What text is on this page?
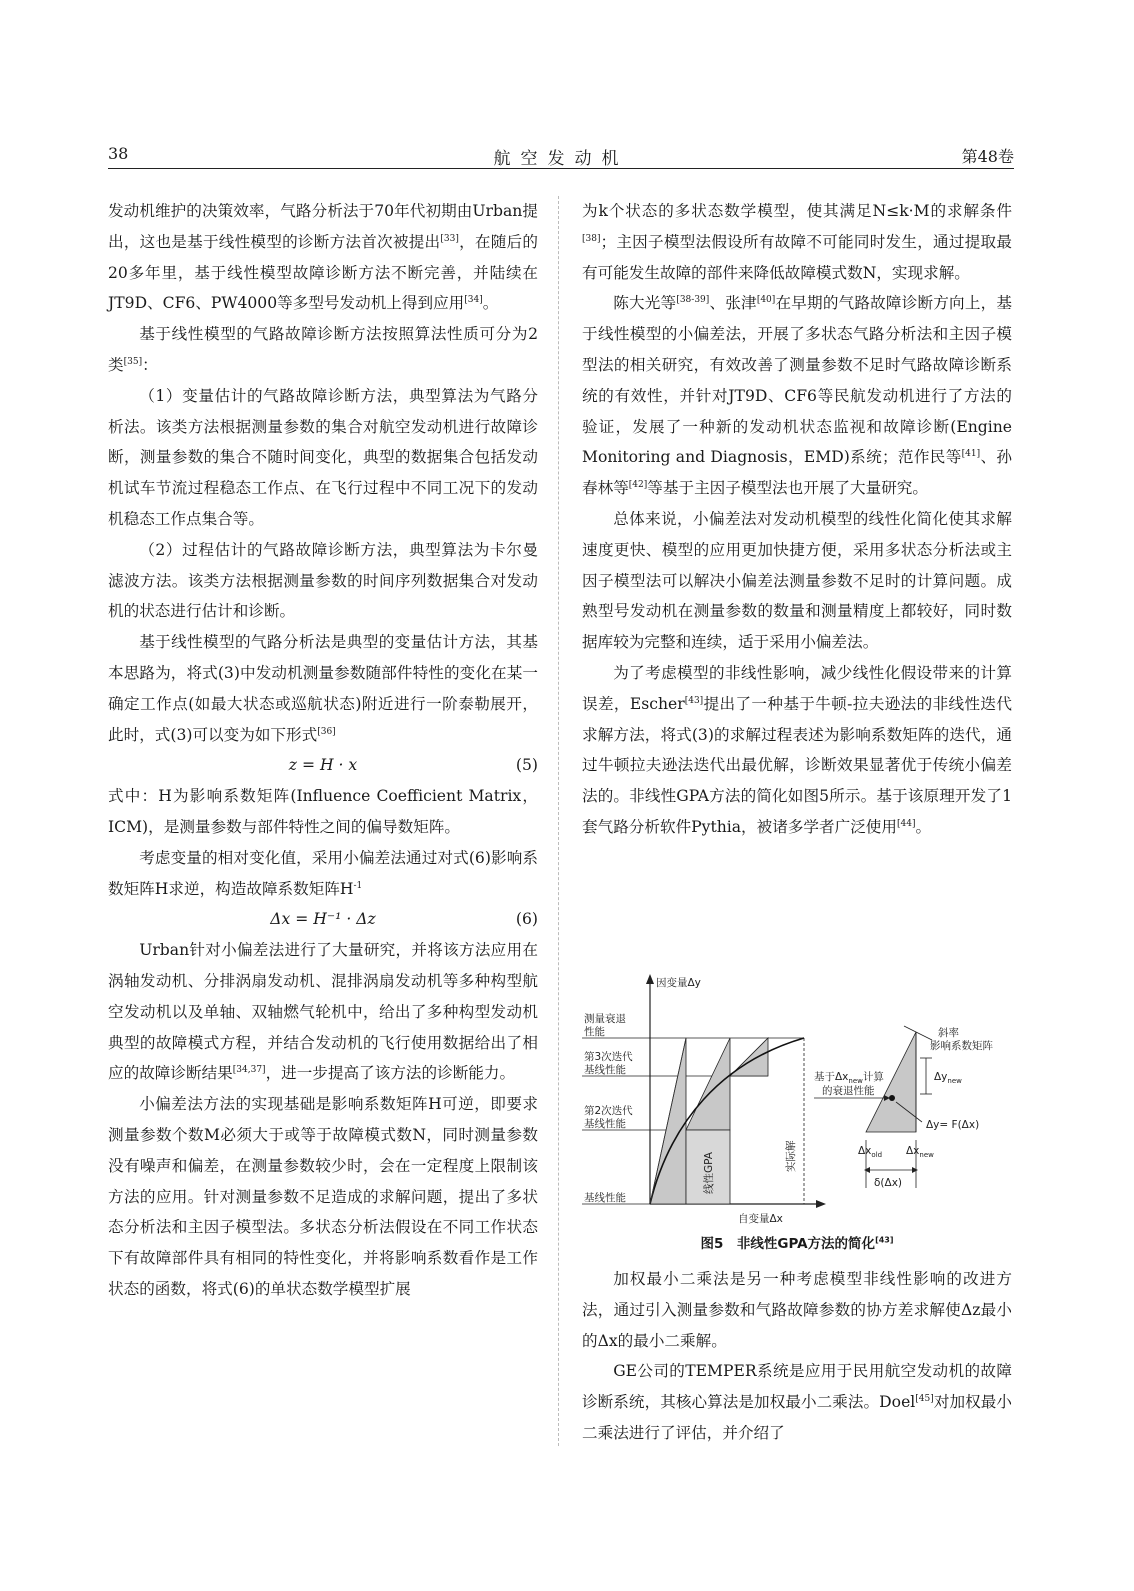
38	航空发动机	第48卷

发动机维护的决策效率，气路分析法于70年代初期由Urban提出，这也是基于线性模型的诊断方法首次被提出[33]，在随后的20多年里，基于线性模型故障诊断方法不断完善，并陆续在JT9D、CF6、PW4000等多型号发动机上得到应用[34]。

基于线性模型的气路故障诊断方法按照算法性质可分为2类[35]：

（1）变量估计的气路故障诊断方法，典型算法为气路分析法。该类方法根据测量参数的集合对航空发动机进行故障诊断，测量参数的集合不随时间变化，典型的数据集合包括发动机试车节流过程稳态工作点、在飞行过程中不同工况下的发动机稳态工作点集合等。

（2）过程估计的气路故障诊断方法，典型算法为卡尔曼滤波方法。该类方法根据测量参数的时间序列数据集合对发动机的状态进行估计和诊断。

基于线性模型的气路分析法是典型的变量估计方法，其基本思路为，将式(3)中发动机测量参数随部件特性的变化在某一确定工作点(如最大状态或巡航状态)附近进行一阶泰勒展开，此时，式(3)可以变为如下形式[36]

z = H · x	(5)

式中：H为影响系数矩阵(Influence Coefficient Matrix，ICM)，是测量参数与部件特性之间的偏导数矩阵。

考虑变量的相对变化值，采用小偏差法通过对式(6)影响系数矩阵H求逆，构造故障系数矩阵$H^{-1}$

Δx = H⁻¹ · Δz	(6)

Urban针对小偏差法进行了大量研究，并将该方法应用在涡轴发动机、分排涡扇发动机、混排涡扇发动机等多种构型航空发动机以及单轴、双轴燃气轮机中，给出了多种构型发动机典型的故障模式方程，并结合发动机的飞行使用数据给出了相应的故障诊断结果[34,37]，进一步提高了该方法的诊断能力。

小偏差法方法的实现基础是影响系数矩阵H可逆，即要求测量参数个数M必须大于或等于故障模式数N，同时测量参数没有噪声和偏差，在测量参数较少时，会在一定程度上限制该方法的应用。针对测量参数不足造成的求解问题，提出了多状态分析法和主因子模型法。多状态分析法假设在不同工作状态下有故障部件具有相同的特性变化，并将影响系数看作是工作状态的函数，将式(6)的单状态数学模型扩展

为k个状态的多状态数学模型，使其满足N≤k·M的求解条件[38]；主因子模型法假设所有故障不可能同时发生，通过提取最有可能发生故障的部件来降低故障模式数N，实现求解。

陈大光等[38-39]、张津[40]在早期的气路故障诊断方向上，基于线性模型的小偏差法，开展了多状态气路分析法和主因子模型法的相关研究，有效改善了测量参数不足时气路故障诊断系统的有效性，并针对JT9D、CF6等民航发动机进行了方法的验证，发展了一种新的发动机状态监视和故障诊断(Engine Monitoring and Diagnosis，EMD)系统；范作民等[41]、孙春林等[42]等基于主因子模型法也开展了大量研究。

总体来说，小偏差法对发动机模型的线性化简化使其求解速度更快、模型的应用更加快捷方便，采用多状态分析法或主因子模型法可以解决小偏差法测量参数不足时的计算问题。成熟型号发动机在测量参数的数量和测量精度上都较好，同时数据库较为完整和连续，适于采用小偏差法。

为了考虑模型的非线性影响，减少线性化假设带来的计算误差，Escher[43]提出了一种基于牛顿-拉夫逊法的非线性迭代求解方法，将式(3)的求解过程表述为影响系数矩阵的迭代，通过牛顿拉夫逊法迭代出最优解，诊断效果显著优于传统小偏差法的。非线性GPA方法的简化如图5所示。基于该原理开发了1套气路分析软件Pythia，被诸多学者广泛使用[44]。

因变量Δy
自变量Δx
测量衰退
性能
第3次迭代
基线性能
第2次迭代
基线性能
基线性能
线性GPA	实际解
基于$\Delta x_{new}$计算
的衰退性能
斜率
影响系数矩阵
$\Delta y_{new}$
Δy= F(Δx)
$\Delta x_{old}$ $\Delta x_{new}$
δ(Δx)
图5　非线性GPA方法的简化[43]

加权最小二乘法是另一种考虑模型非线性影响的改进方法，通过引入测量参数和气路故障参数的协方差求解使Δz最小的Δx的最小二乘解。

GE公司的TEMPER系统是应用于民用航空发动机的故障诊断系统，其核心算法是加权最小二乘法。Doel[45]对加权最小二乘法进行了评估，并介绍了
